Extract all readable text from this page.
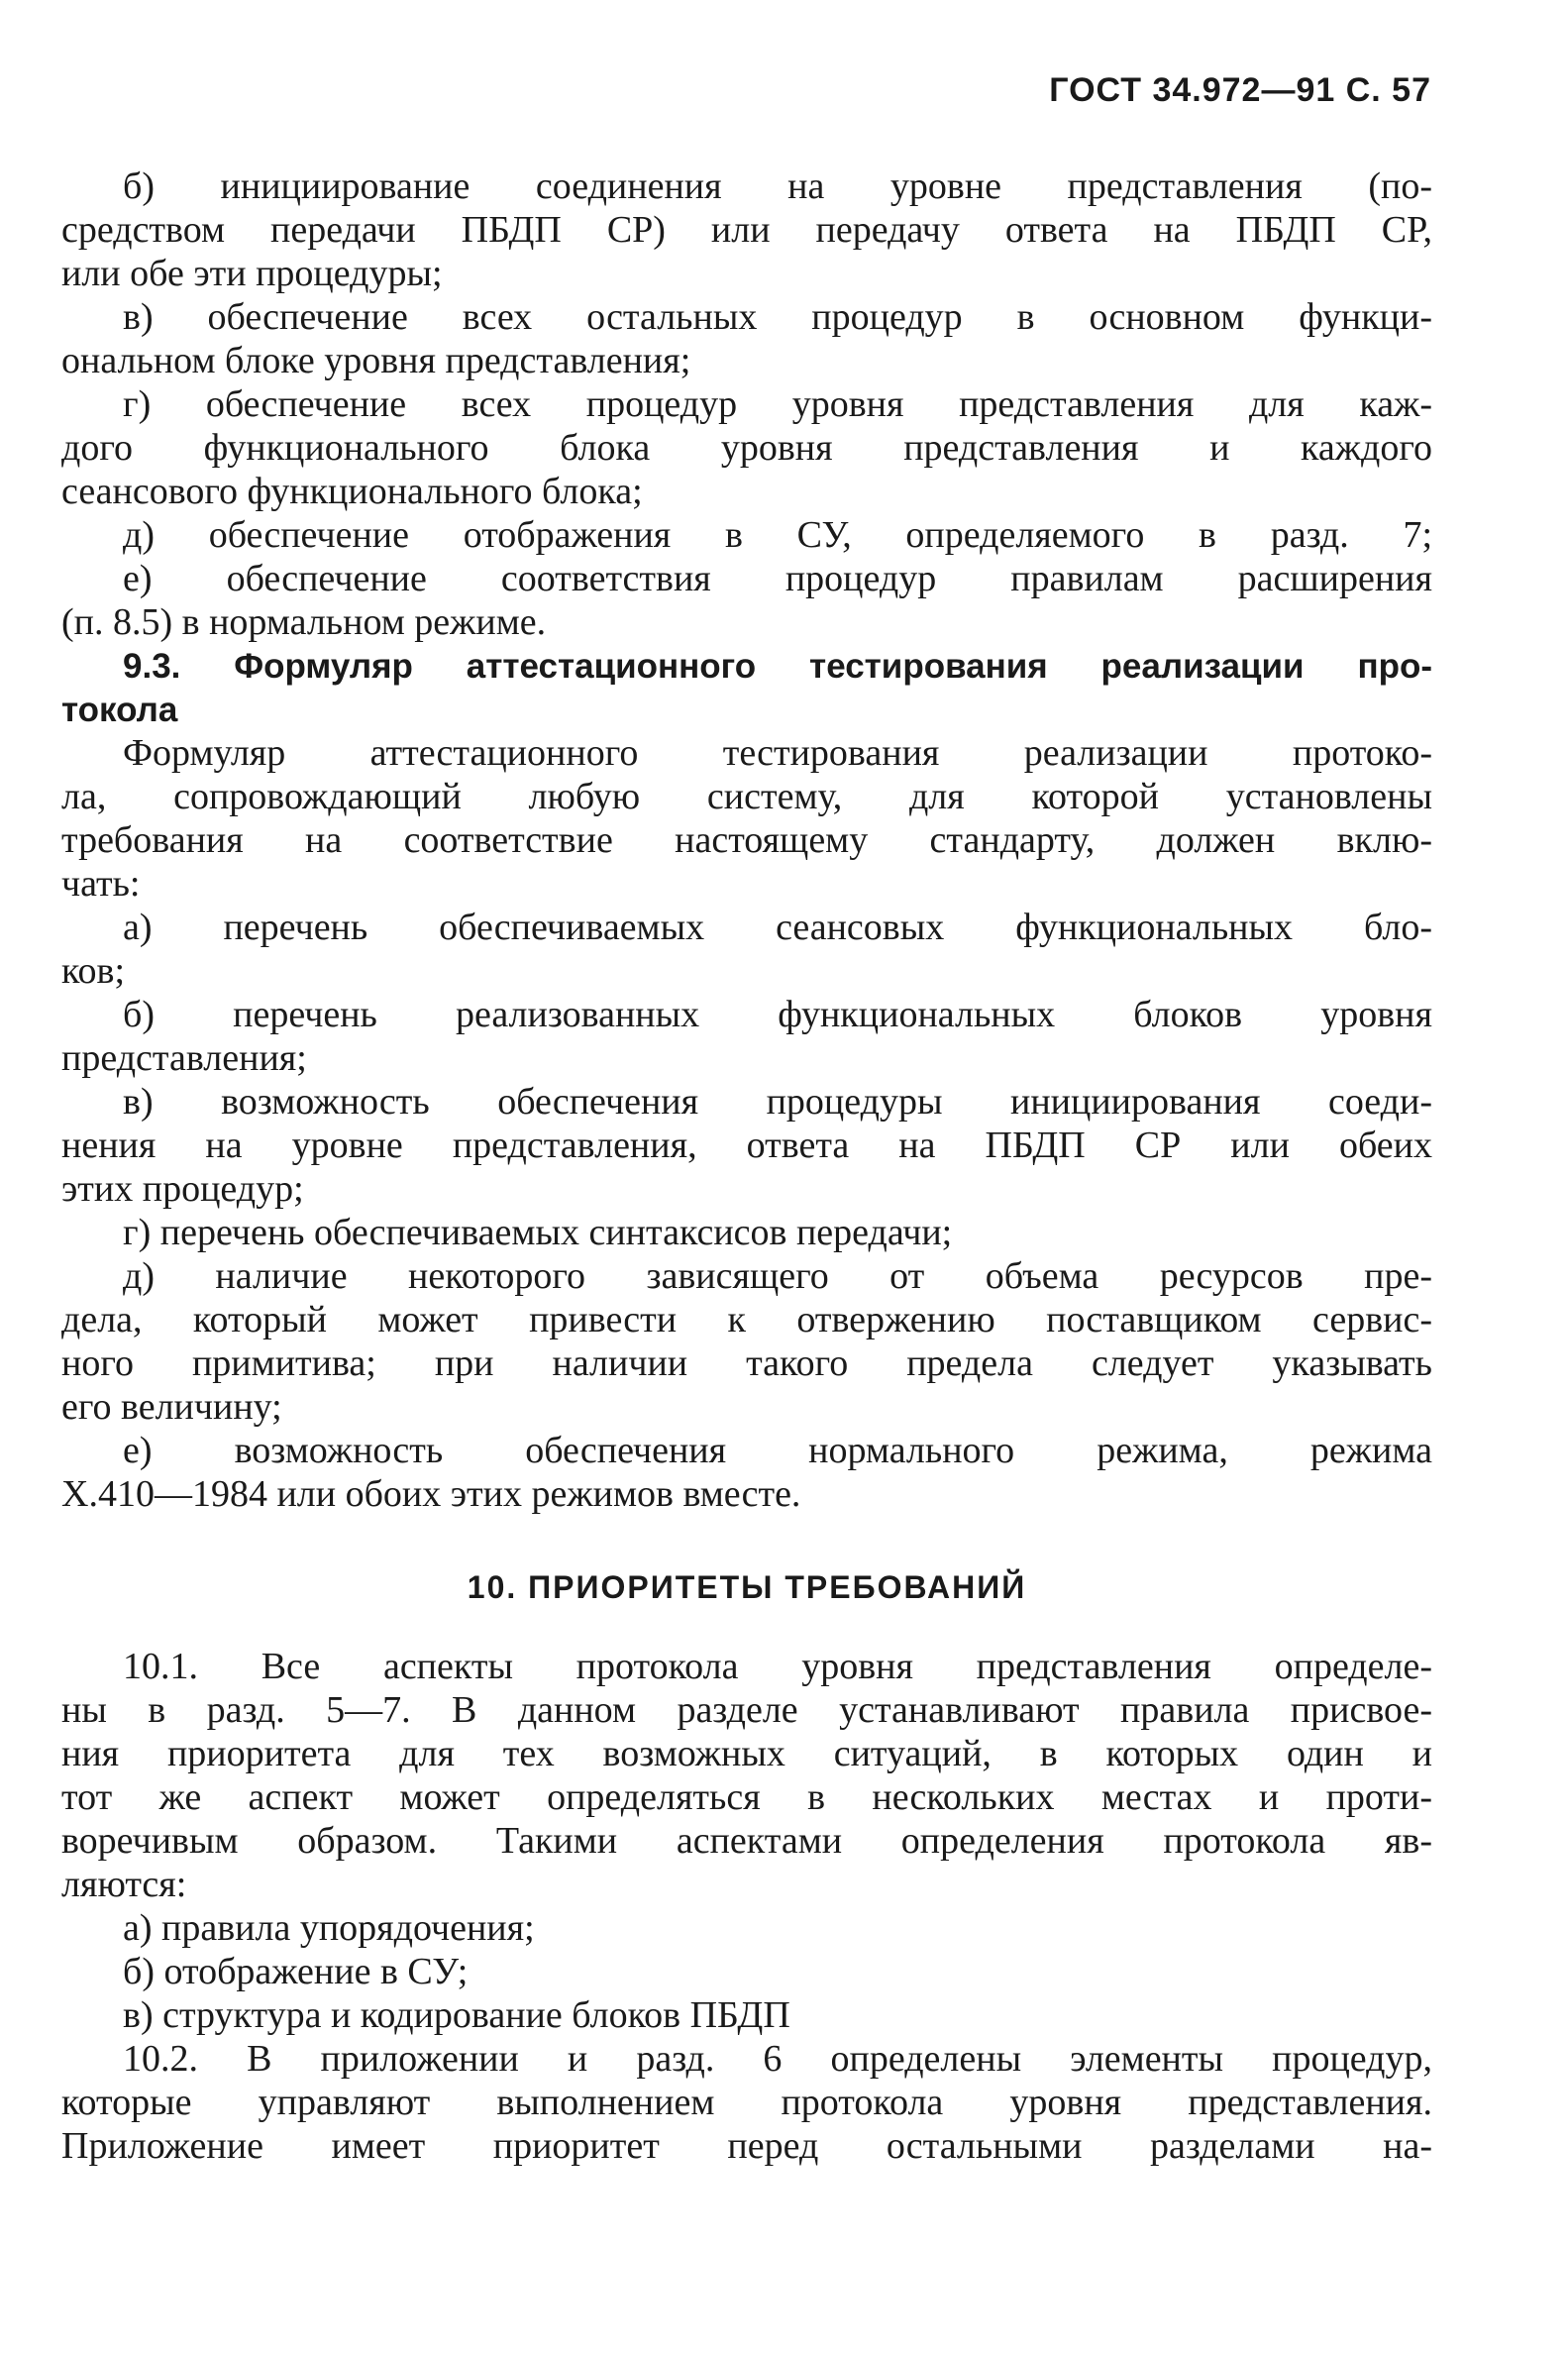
ГОСТ 34.972—91 С. 57
б) инициирование соединения на уровне представления (по-
средством передачи ПБДП СР) или передачу ответа на ПБДП СР,
или обе эти процедуры;
в) обеспечение всех остальных процедур в основном функци-
ональном блоке уровня представления;
г) обеспечение всех процедур уровня представления для каж-
дого функционального блока уровня представления и каждого
сеансового функционального блока;
д) обеспечение отображения в СУ, определяемого в разд. 7;
е) обеспечение соответствия процедур правилам расширения
(п. 8.5) в нормальном режиме.
9.3. Формуляр аттестационного тестирования реализации про-
токола
Формуляр аттестационного тестирования реализации протоко-
ла, сопровождающий любую систему, для которой установлены
требования на соответствие настоящему стандарту, должен вклю-
чать:
а) перечень обеспечиваемых сеансовых функциональных бло-
ков;
б) перечень реализованных функциональных блоков уровня
представления;
в) возможность обеспечения процедуры инициирования соеди-
нения на уровне представления, ответа на ПБДП СР или обеих
этих процедур;
г) перечень обеспечиваемых синтаксисов передачи;
д) наличие некоторого зависящего от объема ресурсов пре-
дела, который может привести к отвержению поставщиком сервис-
ного примитива; при наличии такого предела следует указывать
его величину;
е) возможность обеспечения нормального режима, режима
Х.410—1984 или обоих этих режимов вместе.
10. ПРИОРИТЕТЫ ТРЕБОВАНИЙ
10.1. Все аспекты протокола уровня представления определе-
ны в разд. 5—7. В данном разделе устанавливают правила присвое-
ния приоритета для тех возможных ситуаций, в которых один и
тот же аспект может определяться в нескольких местах и проти-
воречивым образом. Такими аспектами определения протокола яв-
ляются:
а) правила упорядочения;
б) отображение в СУ;
в) структура и кодирование блоков ПБДП
10.2. В приложении и разд. 6 определены элементы процедур,
которые управляют выполнением протокола уровня представления.
Приложение имеет приоритет перед остальными разделами на-
